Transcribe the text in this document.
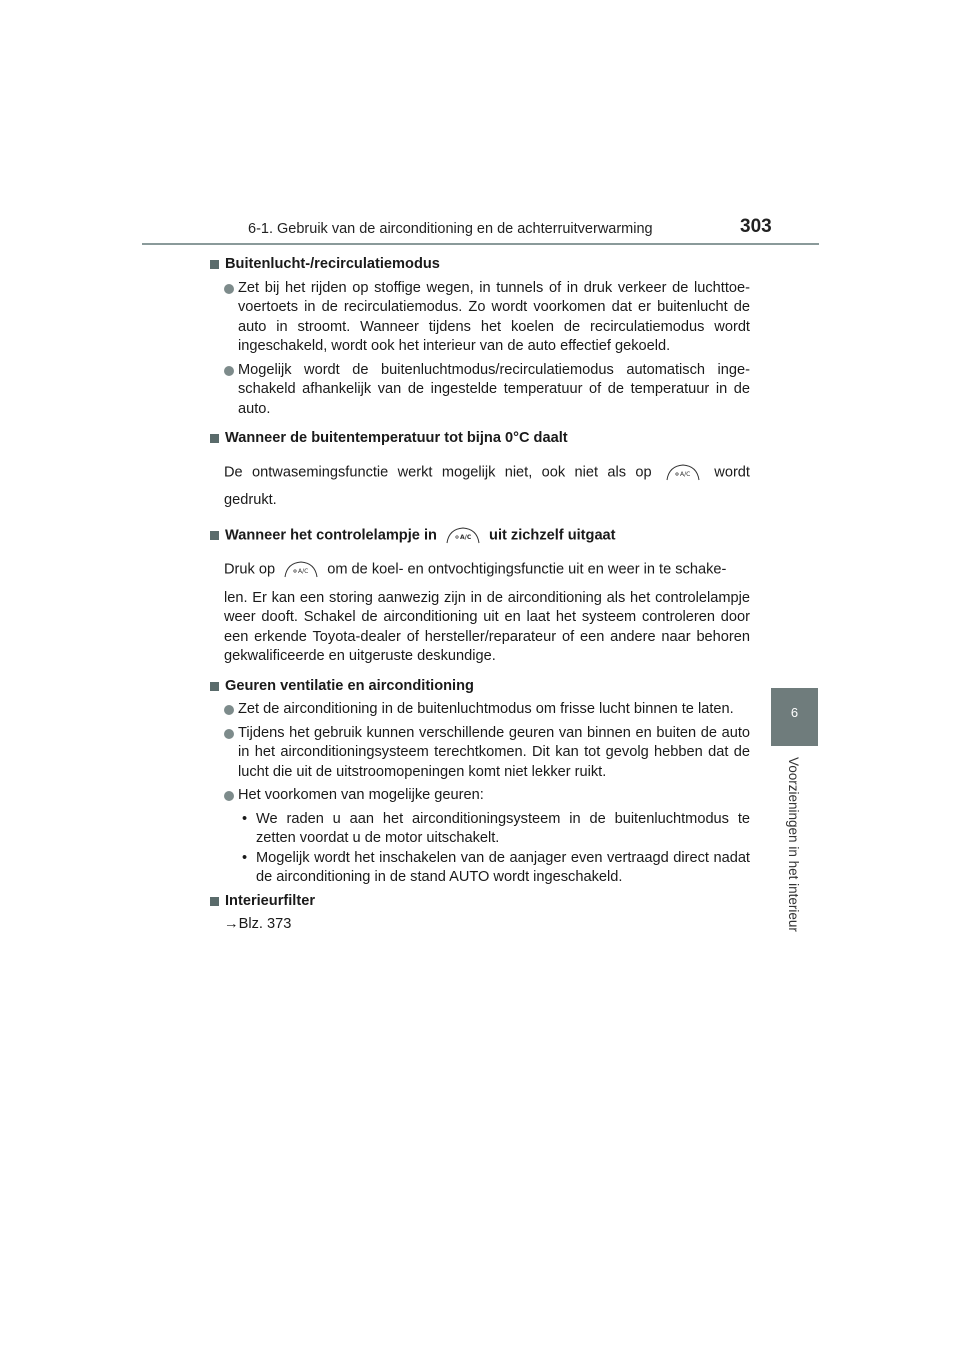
6-1. Gebruik van de airconditioning en de achterruitverwarming	303
6
Voorzieningen in het interieur
Buitenlucht-/recirculatiemodus
Zet bij het rijden op stoffige wegen, in tunnels of in druk verkeer de luchttoevoertoets in de recirculatiemodus. Zo wordt voorkomen dat er buitenlucht de auto in stroomt. Wanneer tijdens het koelen de recirculatiemodus wordt ingeschakeld, wordt ook het interieur van de auto effectief gekoeld.
Mogelijk wordt de buitenluchtmodus/recirculatiemodus automatisch ingeschakeld afhankelijk van de ingestelde temperatuur of de temperatuur in de auto.
Wanneer de buitentemperatuur tot bijna 0°C daalt
De ontwasemingsfunctie werkt mogelijk niet, ook niet als op	A/C wordt
gedrukt.
Wanneer het controlelampje in	A/C uit zichzelf uitgaat
Druk op	A/C om de koel- en ontvochtigingsfunctie uit en weer in te schake-
len. Er kan een storing aanwezig zijn in de airconditioning als het controlelampje weer dooft. Schakel de airconditioning uit en laat het systeem controleren door een erkende Toyota-dealer of hersteller/reparateur of een andere naar behoren gekwalificeerde en uitgeruste deskundige.
Geuren ventilatie en airconditioning
Zet de airconditioning in de buitenluchtmodus om frisse lucht binnen te laten.
Tijdens het gebruik kunnen verschillende geuren van binnen en buiten de auto in het airconditioningsysteem terechtkomen. Dit kan tot gevolg hebben dat de lucht die uit de uitstroomopeningen komt niet lekker ruikt.
Het voorkomen van mogelijke geuren:
• We raden u aan het airconditioningsysteem in de buitenluchtmodus te zetten voordat u de motor uitschakelt.
• Mogelijk wordt het inschakelen van de aanjager even vertraagd direct nadat de airconditioning in de stand AUTO wordt ingeschakeld.
Interieurfilter
→Blz. 373
